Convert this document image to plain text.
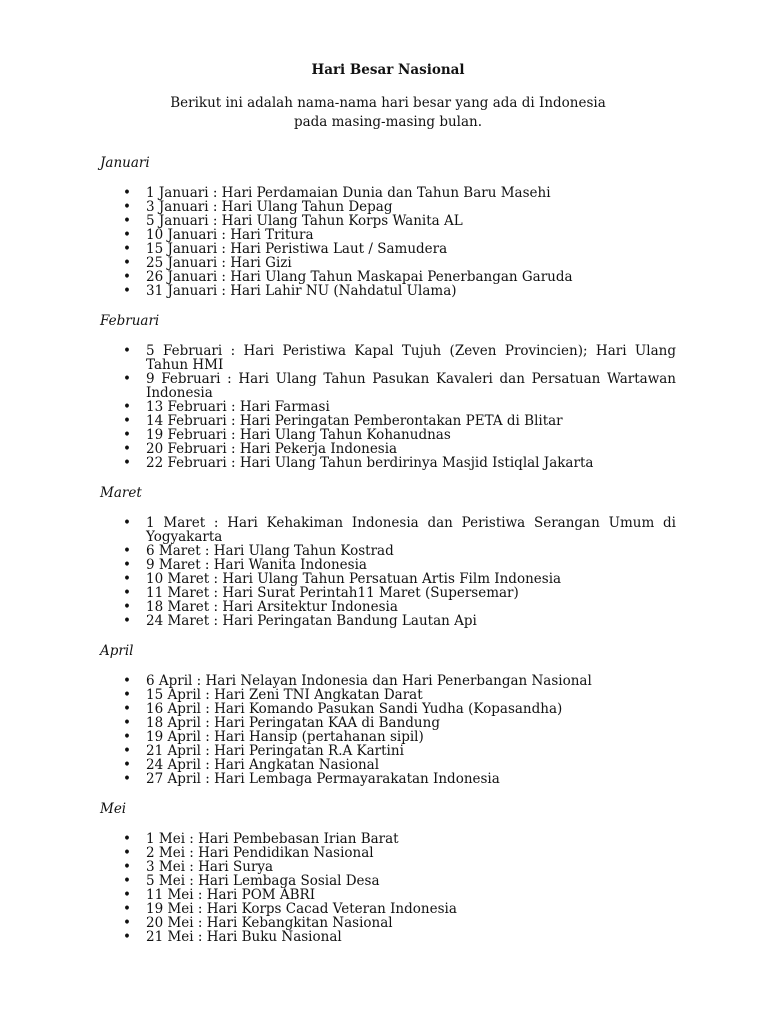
Hari Besar Nasional
Berikut ini adalah nama-nama hari besar yang ada di Indonesia
pada masing-masing bulan.
Januari
• 1 Januari : Hari Perdamaian Dunia dan Tahun Baru Masehi
• 3 Januari : Hari Ulang Tahun Depag
• 5 Januari : Hari Ulang Tahun Korps Wanita AL
• 10 Januari : Hari Tritura
• 15 Januari : Hari Peristiwa Laut / Samudera
• 25 Januari : Hari Gizi
• 26 Januari : Hari Ulang Tahun Maskapai Penerbangan Garuda
• 31 Januari : Hari Lahir NU (Nahdatul Ulama)
Februari
• 5 Februari : Hari Peristiwa Kapal Tujuh (Zeven Provincien); Hari Ulang Tahun HMI
• 9 Februari : Hari Ulang Tahun Pasukan Kavaleri dan Persatuan Wartawan Indonesia
• 13 Februari : Hari Farmasi
• 14 Februari : Hari Peringatan Pemberontakan PETA di Blitar
• 19 Februari : Hari Ulang Tahun Kohanudnas
• 20 Februari : Hari Pekerja Indonesia
• 22 Februari : Hari Ulang Tahun berdirinya Masjid Istiqlal Jakarta
Maret
• 1 Maret : Hari Kehakiman Indonesia dan Peristiwa Serangan Umum di Yogyakarta
• 6 Maret : Hari Ulang Tahun Kostrad
• 9 Maret : Hari Wanita Indonesia
• 10 Maret : Hari Ulang Tahun Persatuan Artis Film Indonesia
• 11 Maret : Hari Surat Perintah11 Maret (Supersemar)
• 18 Maret : Hari Arsitektur Indonesia
• 24 Maret : Hari Peringatan Bandung Lautan Api
April
• 6 April : Hari Nelayan Indonesia dan Hari Penerbangan Nasional
• 15 April : Hari Zeni TNI Angkatan Darat
• 16 April : Hari Komando Pasukan Sandi Yudha (Kopasandha)
• 18 April : Hari Peringatan KAA di Bandung
• 19 April : Hari Hansip (pertahanan sipil)
• 21 April : Hari Peringatan R.A Kartini
• 24 April : Hari Angkatan Nasional
• 27 April : Hari Lembaga Permayarakatan Indonesia
Mei
• 1 Mei : Hari Pembebasan Irian Barat
• 2 Mei : Hari Pendidikan Nasional
• 3 Mei : Hari Surya
• 5 Mei : Hari Lembaga Sosial Desa
• 11 Mei : Hari POM ABRI
• 19 Mei : Hari Korps Cacad Veteran Indonesia
• 20 Mei : Hari Kebangkitan Nasional
• 21 Mei : Hari Buku Nasional
